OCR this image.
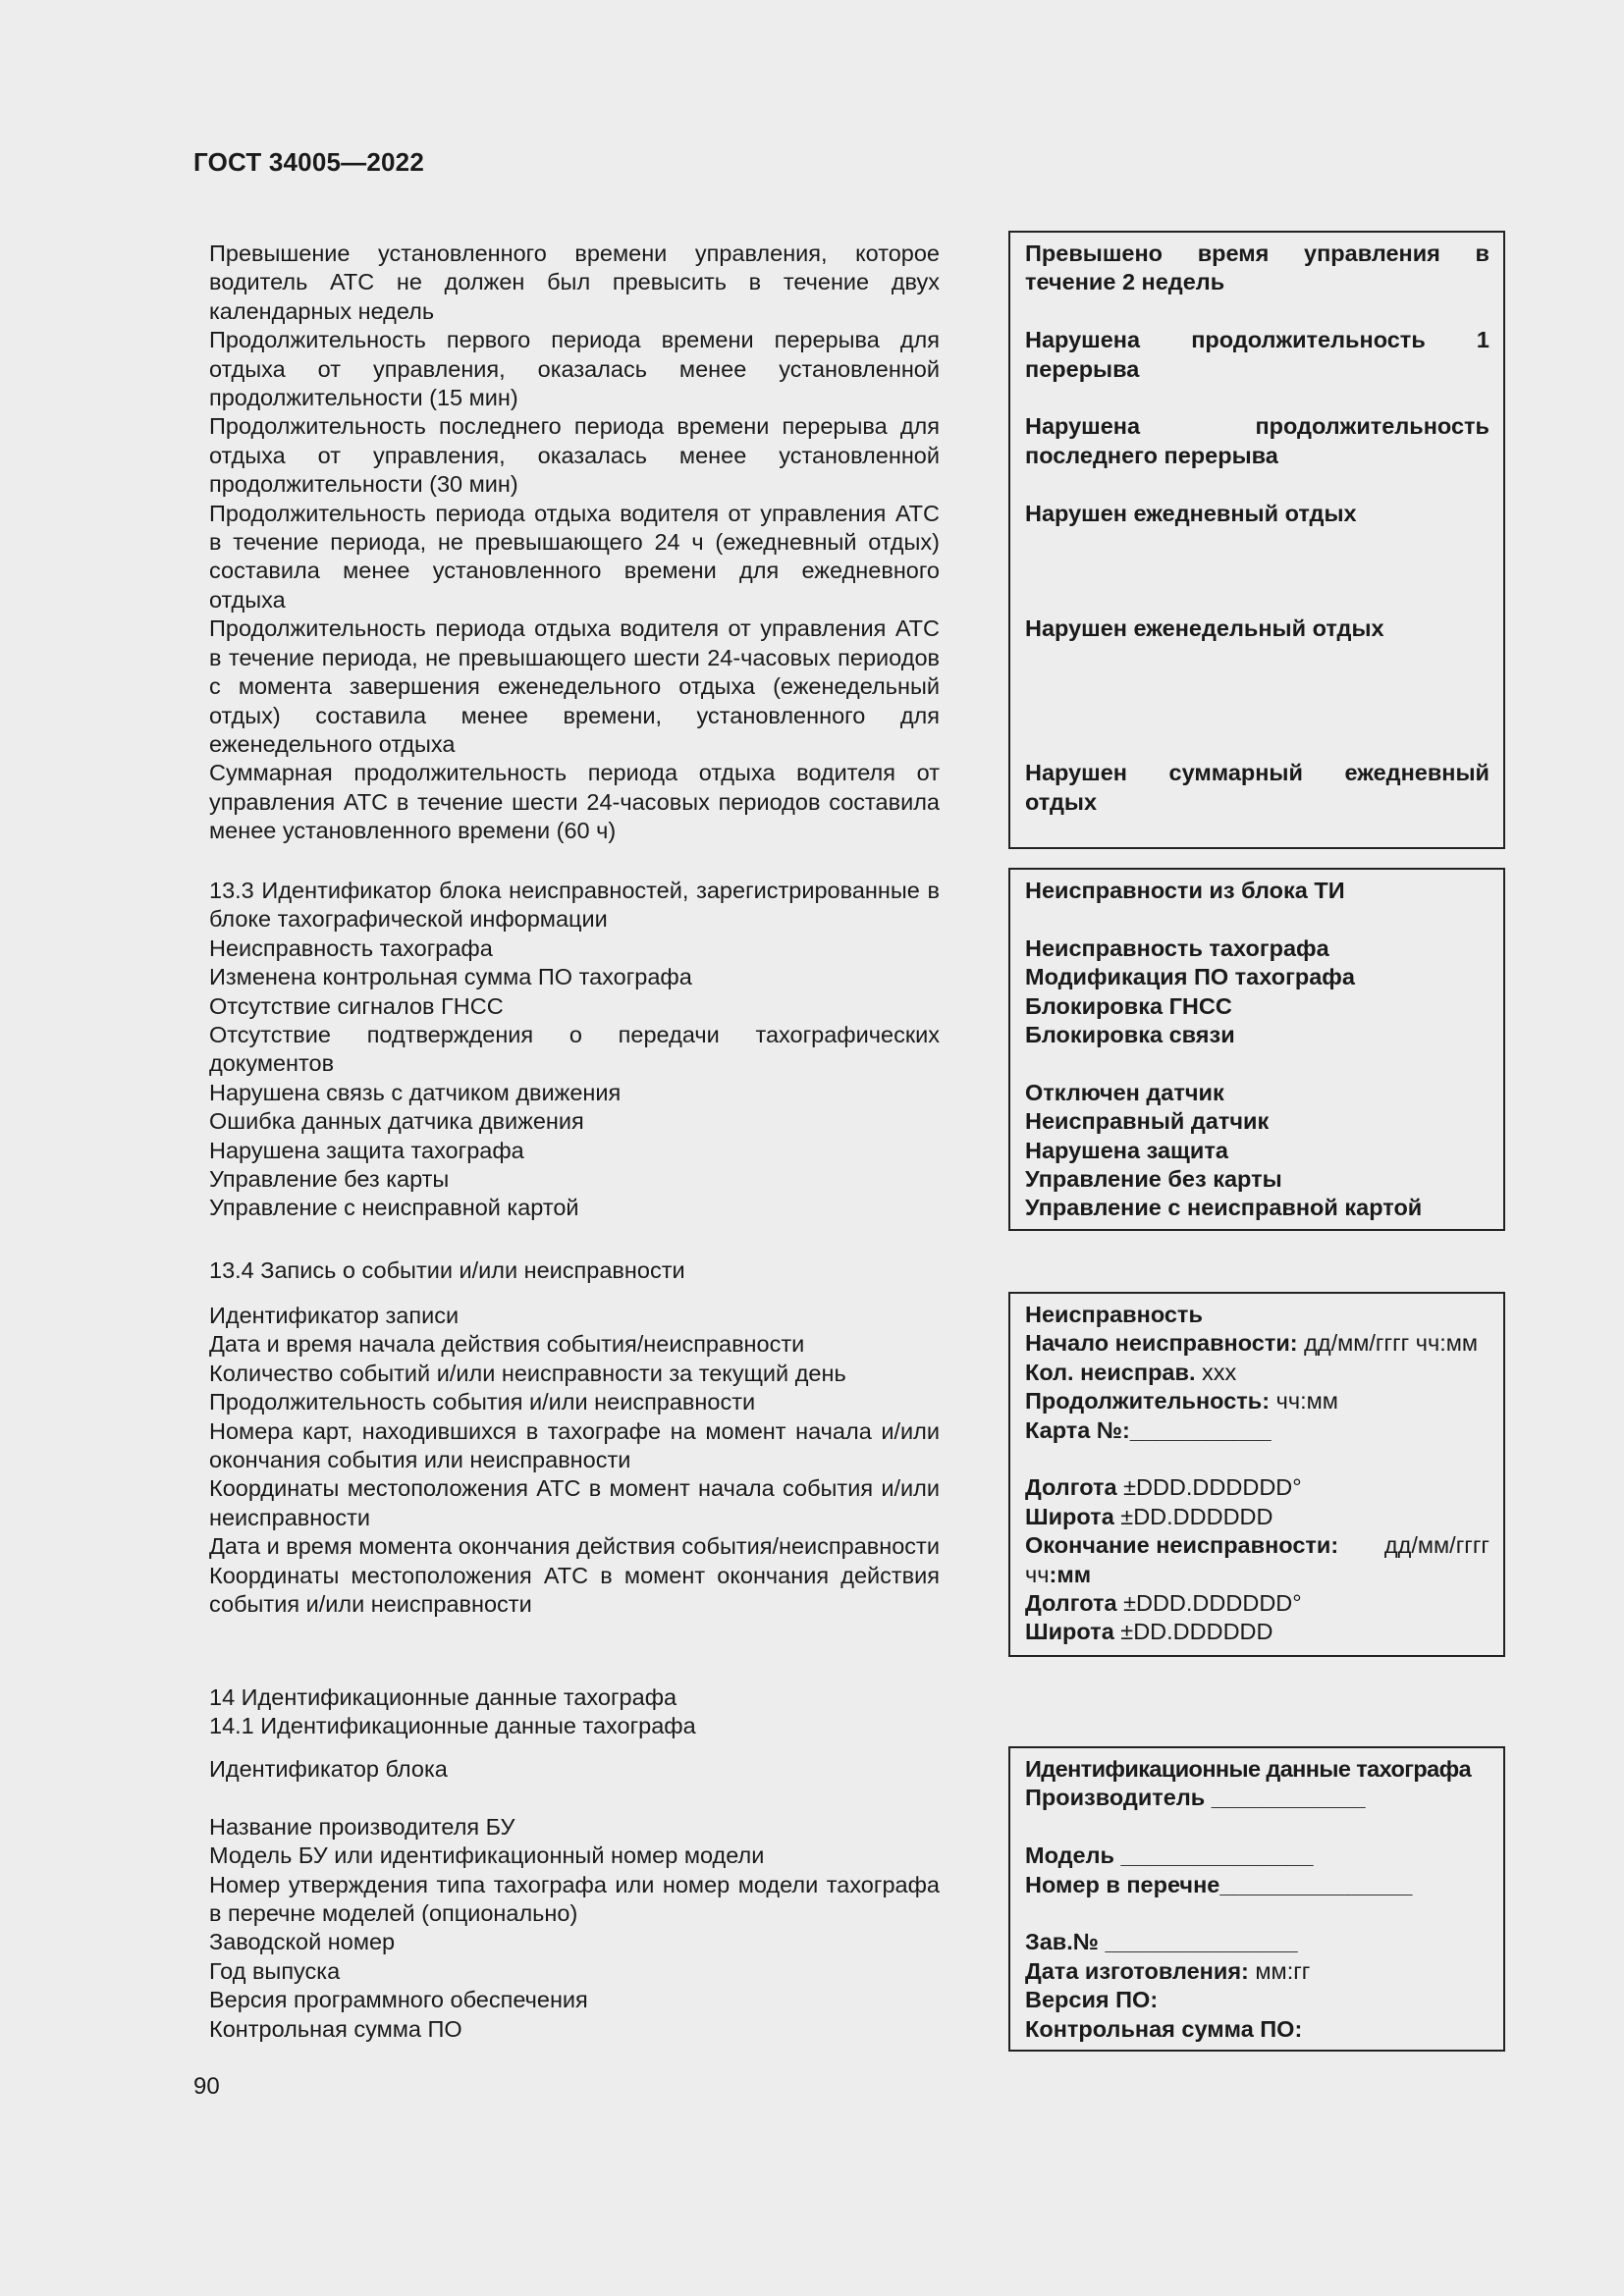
ГОСТ 34005—2022
Превышение установленного времени управления, которое водитель АТС не должен был превысить в течение двух календарных недель
Продолжительность первого периода времени перерыва для отдыха от управления, оказалась менее установленной продолжительности (15 мин)
Продолжительность последнего периода времени перерыва для отдыха от управления, оказалась менее установленной продолжительности (30 мин)
Продолжительность периода отдыха водителя от управления АТС в течение периода, не превышающего 24 ч (ежедневный отдых) составила менее установленного времени для ежедневного отдыха
Продолжительность периода отдыха водителя от управления АТС в течение периода, не превышающего шести 24-часовых периодов с момента завершения еженедельного отдыха (еженедельный отдых) составила менее времени, установленного для еженедельного отдыха
Суммарная продолжительность периода отдыха водителя от управления АТС в течение шести 24-часовых периодов составила менее установленного времени (60 ч)
Превышено время управления в течение 2 недель
Нарушена продолжительность 1 перерыва
Нарушена продолжительность последнего перерыва
Нарушен ежедневный отдых
Нарушен еженедельный отдых
Нарушен суммарный ежедневный отдых
13.3 Идентификатор блока неисправностей, зарегистрированные в блоке тахографической информации
Неисправность тахографа
Изменена контрольная сумма ПО тахографа
Отсутствие сигналов ГНСС
Отсутствие подтверждения о передачи тахографических документов
Нарушена связь с датчиком движения
Ошибка данных датчика движения
Нарушена защита тахографа
Управление без карты
Управление с неисправной картой
Неисправности из блока ТИ
Неисправность тахографа
Модификация ПО тахографа
Блокировка ГНСС
Блокировка связи
Отключен датчик
Неисправный датчик
Нарушена защита
Управление без карты
Управление с неисправной картой
13.4 Запись о событии и/или неисправности
Идентификатор записи
Дата и время начала действия события/неисправности
Количество событий и/или неисправности за текущий день
Продолжительность события и/или неисправности
Номера карт, находившихся в тахографе на момент начала и/или окончания события или неисправности
Координаты местоположения АТС в момент начала события и/или неисправности
Дата и время момента окончания действия события/неисправности
Координаты местоположения АТС в момент окончания действия события и/или неисправности
Неисправность
Начало неисправности: дд/мм/гггг чч:мм
Кол. неисправ. ххх
Продолжительность: чч:мм
Карта №:___________
Долгота ±DDD.DDDDDD°
Широта ±DD.DDDDDD
Окончание неисправности: дд/мм/гггг
чч:мм
Долгота ±DDD.DDDDDD°
Широта ±DD.DDDDDD
14 Идентификационные данные тахографа
14.1 Идентификационные данные тахографа
Идентификатор блока
Название производителя БУ
Модель БУ или идентификационный номер модели
Номер утверждения типа тахографа или номер модели тахографа в перечне моделей (опционально)
Заводской номер
Год выпуска
Версия программного обеспечения
Контрольная сумма ПО
Идентификационные данные тахографа
Производитель ____________
Модель _______________
Номер в перечне_______________
Зав.№ _______________
Дата изготовления: мм:гг
Версия ПО:
Контрольная сумма ПО:
90
